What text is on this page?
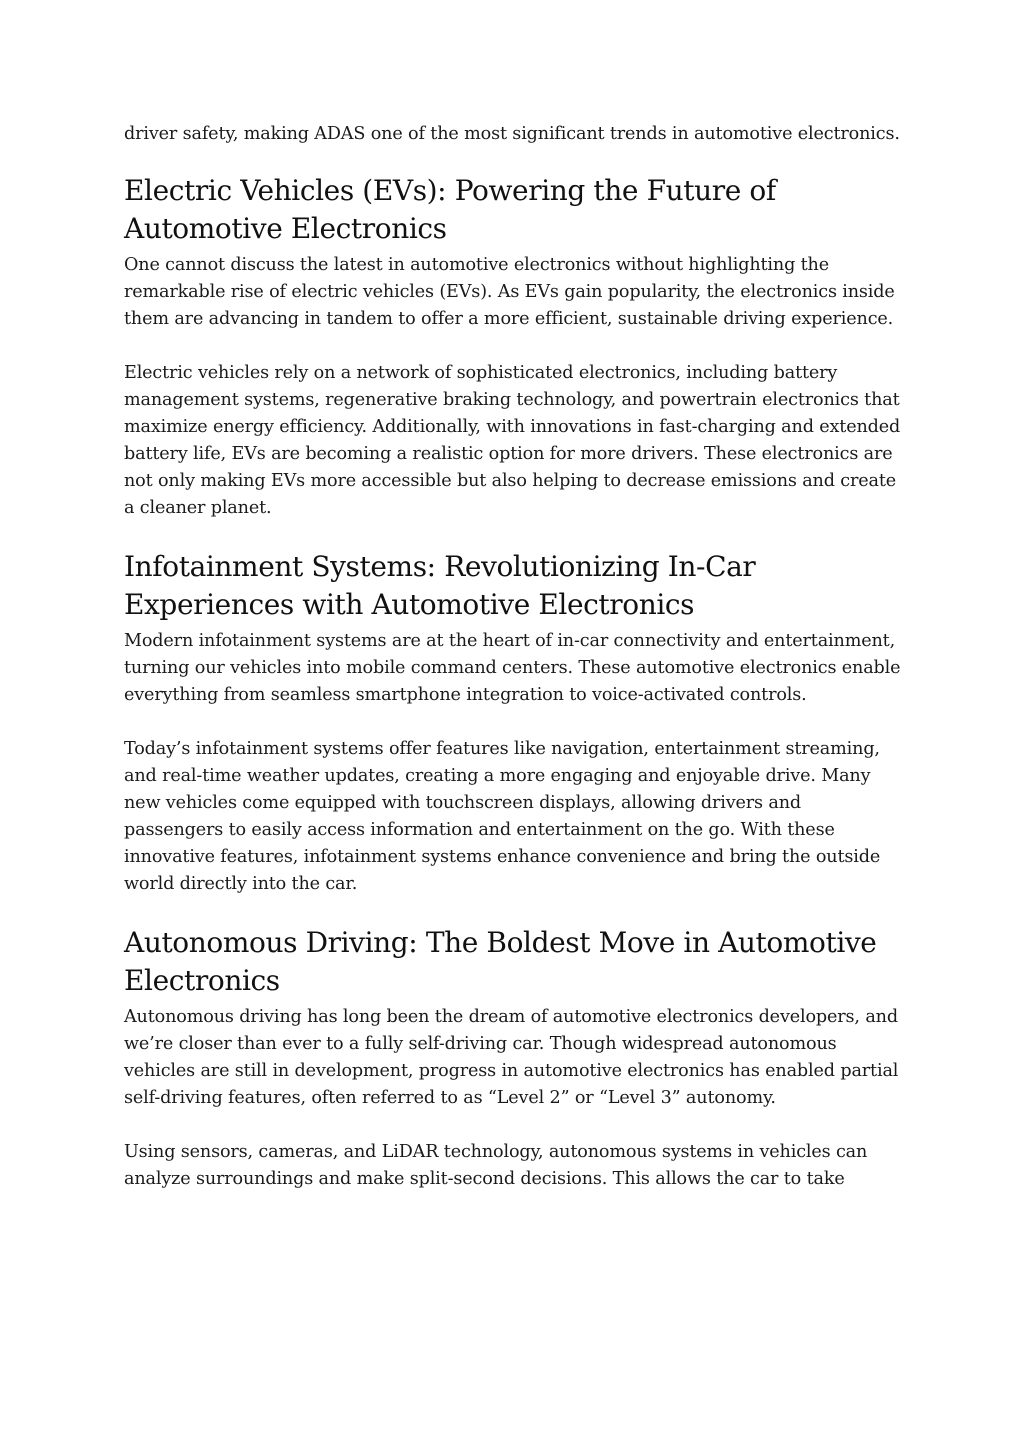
driver safety, making ADAS one of the most significant trends in automotive electronics.

Electric Vehicles (EVs): Powering the Future of Automotive Electronics

One cannot discuss the latest in automotive electronics without highlighting the remarkable rise of electric vehicles (EVs). As EVs gain popularity, the electronics inside them are advancing in tandem to offer a more efficient, sustainable driving experience.

Electric vehicles rely on a network of sophisticated electronics, including battery management systems, regenerative braking technology, and powertrain electronics that maximize energy efficiency. Additionally, with innovations in fast-charging and extended battery life, EVs are becoming a realistic option for more drivers. These electronics are not only making EVs more accessible but also helping to decrease emissions and create a cleaner planet.

Infotainment Systems: Revolutionizing In-Car Experiences with Automotive Electronics

Modern infotainment systems are at the heart of in-car connectivity and entertainment, turning our vehicles into mobile command centers. These automotive electronics enable everything from seamless smartphone integration to voice-activated controls.

Today’s infotainment systems offer features like navigation, entertainment streaming, and real-time weather updates, creating a more engaging and enjoyable drive. Many new vehicles come equipped with touchscreen displays, allowing drivers and passengers to easily access information and entertainment on the go. With these innovative features, infotainment systems enhance convenience and bring the outside world directly into the car.

Autonomous Driving: The Boldest Move in Automotive Electronics

Autonomous driving has long been the dream of automotive electronics developers, and we’re closer than ever to a fully self-driving car. Though widespread autonomous vehicles are still in development, progress in automotive electronics has enabled partial self-driving features, often referred to as “Level 2” or “Level 3” autonomy.

Using sensors, cameras, and LiDAR technology, autonomous systems in vehicles can analyze surroundings and make split-second decisions. This allows the car to take
